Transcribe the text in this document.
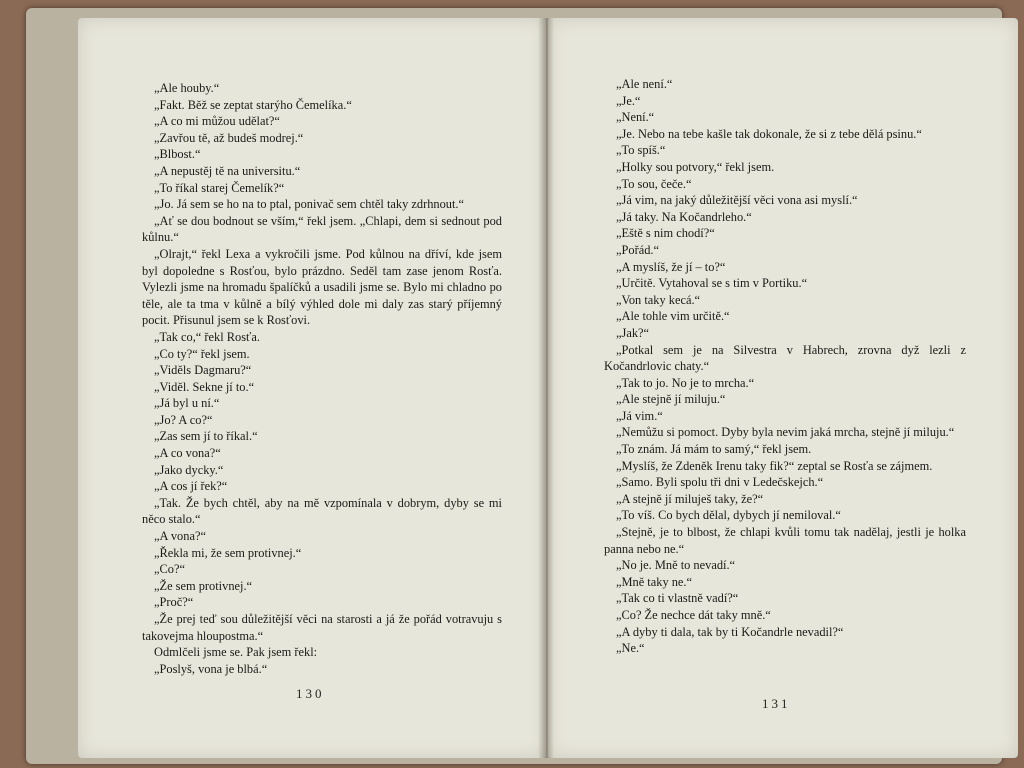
„Ale houby.“

„Fakt. Běž se zeptat starýho Čemelíka.“

„A co mi můžou udělat?“

„Zavřou tě, až budeš modrej.“

„Blbost.“

„A nepustěj tě na universitu.“

„To říkal starej Čemelík?“

„Jo. Já sem se ho na to ptal, ponivač sem chtěl taky zdrhnout.“

„Ať se dou bodnout se vším,“ řekl jsem. „Chlapi, dem si sednout pod kůlnu.“

„Olrajt,“ řekl Lexa a vykročili jsme. Pod kůlnou na dříví, kde jsem byl dopoledne s Rosťou, bylo prázdno. Seděl tam zase jenom Rosťa. Vylezli jsme na hromadu špalíčků a usadili jsme se. Bylo mi chladno po těle, ale ta tma v kůlně a bílý výhled dole mi daly zas starý příjemný pocit. Přisunul jsem se k Rosťovi.

„Tak co,“ řekl Rosťa.

„Co ty?“ řekl jsem.

„Viděls Dagmaru?“

„Viděl. Sekne jí to.“

„Já byl u ní.“

„Jo? A co?“

„Zas sem jí to říkal.“

„A co vona?“

„Jako dycky.“

„A cos jí řek?“

„Tak. Že bych chtěl, aby na mě vzpomínala v dobrym, dyby se mi něco stalo.“

„A vona?“

„Řekla mi, že sem protivnej.“

„Co?“

„Že sem protivnej.“

„Proč?“

„Že prej teď sou důležitější věci na starosti a já že pořád votravuju s takovejma hloupostma.“

Odmlčeli jsme se. Pak jsem řekl:

„Poslyš, vona je blbá.“

130

„Ale není.“

„Je.“

„Není.“

„Je. Nebo na tebe kašle tak dokonale, že si z tebe dělá psinu.“

„To spíš.“

„Holky sou potvory,“ řekl jsem.

„To sou, čeče.“

„Já vim, na jaký důležitější věci vona asi myslí.“

„Já taky. Na Kočandrleho.“

„Eště s nim chodí?“

„Pořád.“

„A myslíš, že jí – to?“

„Určitě. Vytahoval se s tim v Portiku.“

„Von taky kecá.“

„Ale tohle vim určitě.“

„Jak?“

„Potkal sem je na Silvestra v Habrech, zrovna dyž lezli z Kočandrlovic chaty.“

„Tak to jo. No je to mrcha.“

„Ale stejně jí miluju.“

„Já vim.“

„Nemůžu si pomoct. Dyby byla nevim jaká mrcha, stejně jí miluju.“

„To znám. Já mám to samý,“ řekl jsem.

„Myslíš, že Zdeněk Irenu taky fik?“ zeptal se Rosťa se zájmem.

„Samo. Byli spolu tři dni v Ledečskejch.“

„A stejně jí miluješ taky, že?“

„To víš. Co bych dělal, dybych jí nemiloval.“

„Stejně, je to blbost, že chlapi kvůli tomu tak nadělaj, jestli je holka panna nebo ne.“

„No je. Mně to nevadí.“

„Mně taky ne.“

„Tak co ti vlastně vadí?“

„Co? Že nechce dát taky mně.“

„A dyby ti dala, tak by ti Kočandrle nevadil?“

„Ne.“

131
